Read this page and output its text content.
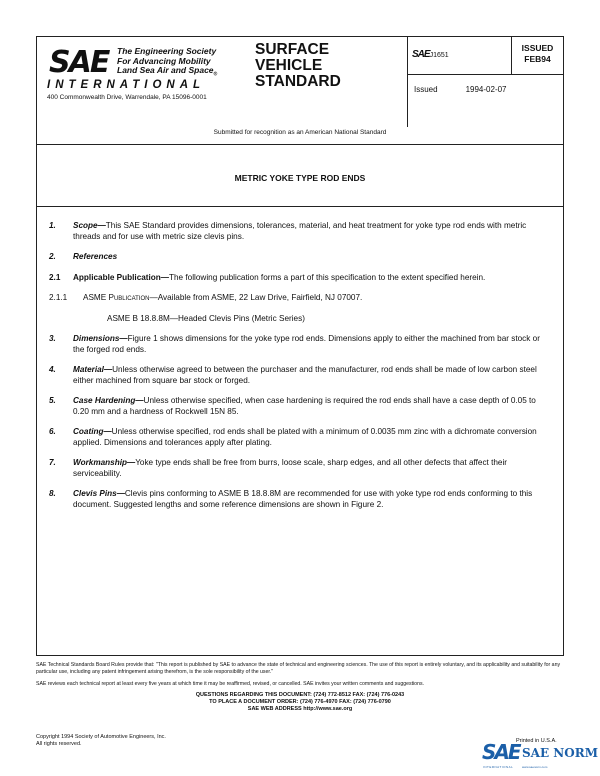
SAE The Engineering Society
For Advancing Mobility
Land Sea Air and Space$_®$
INTERNATIONAL
400 Commonwealth Drive, Warrendale, PA 15096-0001
SURFACE
VEHICLE
STANDARD
SAEJ1651
Issued	1994-02-07
ISSUED
FEB94
Submitted for recognition as an American National Standard
METRIC YOKE TYPE ROD ENDS
1. Scope—This SAE Standard provides dimensions, tolerances, material, and heat treatment for yoke type rod ends with metric threads and for use with metric size clevis pins.
2. References
2.1 Applicable Publication—The following publication forms a part of this specification to the extent specified herein.
2.1.1 ASME Publication—Available from ASME, 22 Law Drive, Fairfield, NJ 07007.
ASME B 18.8.8M—Headed Clevis Pins (Metric Series)
3. Dimensions—Figure 1 shows dimensions for the yoke type rod ends. Dimensions apply to either the machined from bar stock or the forged rod ends.
4. Material—Unless otherwise agreed to between the purchaser and the manufacturer, rod ends shall be made of low carbon steel either machined from square bar stock or forged.
5. Case Hardening—Unless otherwise specified, when case hardening is required the rod ends shall have a case depth of 0.05 to 0.20 mm and a hardness of Rockwell 15N 85.
6. Coating—Unless otherwise specified, rod ends shall be plated with a minimum of 0.0035 mm zinc with a dichromate conversion applied. Dimensions and tolerances apply after plating.
7. Workmanship—Yoke type ends shall be free from burrs, loose scale, sharp edges, and all other defects that affect their serviceability.
8. Clevis Pins—Clevis pins conforming to ASME B 18.8.8M are recommended for use with yoke type rod ends conforming to this document. Suggested lengths and some reference dimensions are shown in Figure 2.

SAE Technical Standards Board Rules provide that: "This report is published by SAE to advance the state of technical and engineering sciences. The use of this report is entirely voluntary, and its applicability and suitability for any particular use, including any patent infringement arising therefrom, is the sole responsibility of the user."

SAE reviews each technical report at least every five years at which time it may be reaffirmed, revised, or cancelled. SAE invites your written comments and suggestions.

QUESTIONS REGARDING THIS DOCUMENT: (724) 772-8512 FAX: (724) 776-0243
TO PLACE A DOCUMENT ORDER: (724) 776-4970 FAX: (724) 776-0790
SAE WEB ADDRESS http://www.sae.org
Copyright 1994 Society of Automotive Engineers, Inc.
All rights reserved.	Printed in U.S.A.
SAE SAE NORM
INTERNATIONAL	www.saenorm.com
